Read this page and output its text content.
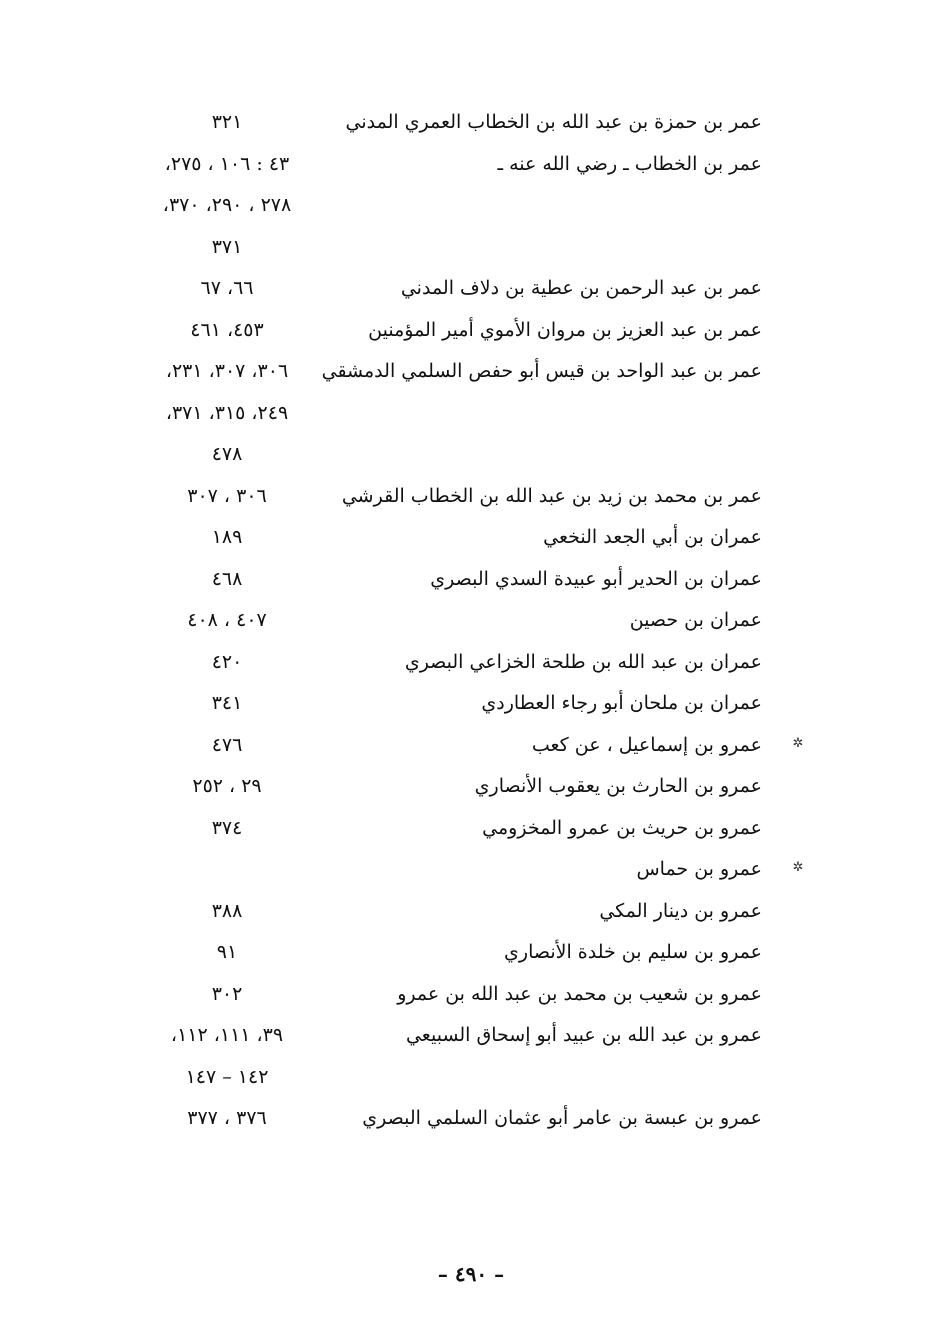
عمر بن حمزة بن عبد الله بن الخطاب العمري المدني
٣٢١
عمر بن الخطاب ـ رضي الله عنه ـ
٤٣ : ١٠٦ ، ٢٧٥،
٢٧٨ ، ٢٩٠، ٣٧٠،
٣٧١
عمر بن عبد الرحمن بن عطية بن دلاف المدني
٦٦، ٦٧
عمر بن عبد العزيز بن مروان الأموي أمير المؤمنين
٤٥٣، ٤٦١
عمر بن عبد الواحد بن قيس أبو حفص السلمي الدمشقي
٣٠٦، ٣٠٧، ٢٣١،
٢٤٩، ٣١٥، ٣٧١،
٤٧٨
عمر بن محمد بن زيد بن عبد الله بن الخطاب القرشي
٣٠٦ ، ٣٠٧
عمران بن أبي الجعد النخعي
١٨٩
عمران بن الحدير أبو عبيدة السدي البصري
٤٦٨
عمران بن حصين
٤٠٧ ، ٤٠٨
عمران بن عبد الله بن طلحة الخزاعي البصري
٤٢٠
عمران بن ملحان أبو رجاء العطاردي
٣٤١
✲
عمرو بن إسماعيل ، عن كعب
٤٧٦
عمرو بن الحارث بن يعقوب الأنصاري
٢٩ ، ٢٥٢
عمرو بن حريث بن عمرو المخزومي
٣٧٤
✲
عمرو بن حماس
عمرو بن دينار المكي
٣٨٨
عمرو بن سليم بن خلدة الأنصاري
٩١
عمرو بن شعيب بن محمد بن عبد الله بن عمرو
٣٠٢
عمرو بن عبد الله بن عبيد أبو إسحاق السبيعي
٣٩، ١١١، ١١٢،
١٤٢ – ١٤٧
عمرو بن عبسة بن عامر أبو عثمان السلمي البصري
٣٧٦ ، ٣٧٧
– ٤٩٠ –
